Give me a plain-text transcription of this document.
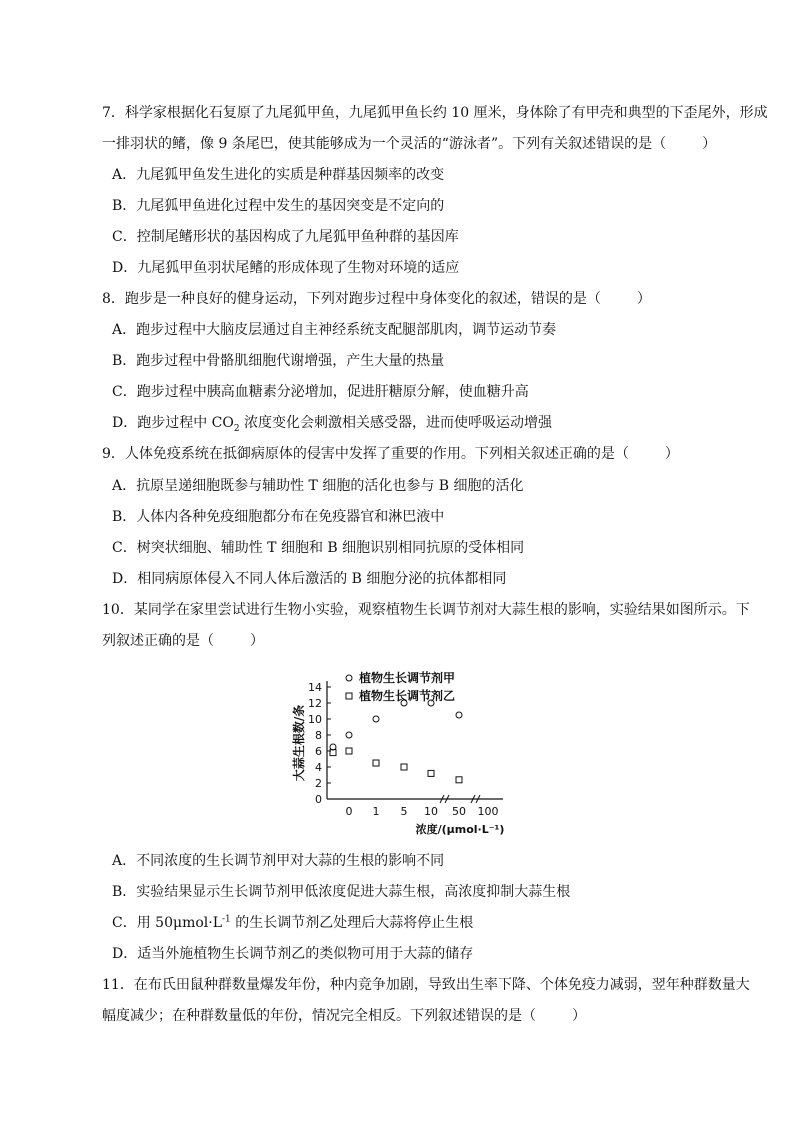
7．科学家根据化石复原了九尾狐甲鱼，九尾狐甲鱼长约 10 厘米，身体除了有甲壳和典型的下歪尾外，形成
一排羽状的鳍，像 9 条尾巴，使其能够成为一个灵活的“游泳者”。下列有关叙述错误的是（	）
A．九尾狐甲鱼发生进化的实质是种群基因频率的改变
B．九尾狐甲鱼进化过程中发生的基因突变是不定向的
C．控制尾鳍形状的基因构成了九尾狐甲鱼种群的基因库
D．九尾狐甲鱼羽状尾鳍的形成体现了生物对环境的适应
8．跑步是一种良好的健身运动，下列对跑步过程中身体变化的叙述，错误的是（	）
A．跑步过程中大脑皮层通过自主神经系统支配腿部肌肉，调节运动节奏
B．跑步过程中骨骼肌细胞代谢增强，产生大量的热量
C．跑步过程中胰高血糖素分泌增加，促进肝糖原分解，使血糖升高
D．跑步过程中 $CO_2$ 浓度变化会刺激相关感受器，进而使呼吸运动增强
9．人体免疫系统在抵御病原体的侵害中发挥了重要的作用。下列相关叙述正确的是（	）
A．抗原呈递细胞既参与辅助性 T 细胞的活化也参与 B 细胞的活化
B．人体内各种免疫细胞都分布在免疫器官和淋巴液中
C．树突状细胞、辅助性 T 细胞和 B 细胞识别相同抗原的受体相同
D．相同病原体侵入不同人体后激活的 B 细胞分泌的抗体都相同
10．某同学在家里尝试进行生物小实验，观察植物生长调节剂对大蒜生根的影响，实验结果如图所示。下
列叙述正确的是（	）
0
2
4
6
8
10
12
14
0 1 5 10 50 100
大蒜生根数/条
浓度/(μmol·L⁻¹)
植物生长调节剂甲
植物生长调节剂乙
A．不同浓度的生长调节剂甲对大蒜的生根的影响不同
B．实验结果显示生长调节剂甲低浓度促进大蒜生根，高浓度抑制大蒜生根
C．用 $50\mu mol\cdot L^{-1}$ 的生长调节剂乙处理后大蒜将停止生根
D．适当外施植物生长调节剂乙的类似物可用于大蒜的储存
11．在布氏田鼠种群数量爆发年份，种内竞争加剧，导致出生率下降、个体免疫力减弱，翌年种群数量大
幅度减少；在种群数量低的年份，情况完全相反。下列叙述错误的是（	）
